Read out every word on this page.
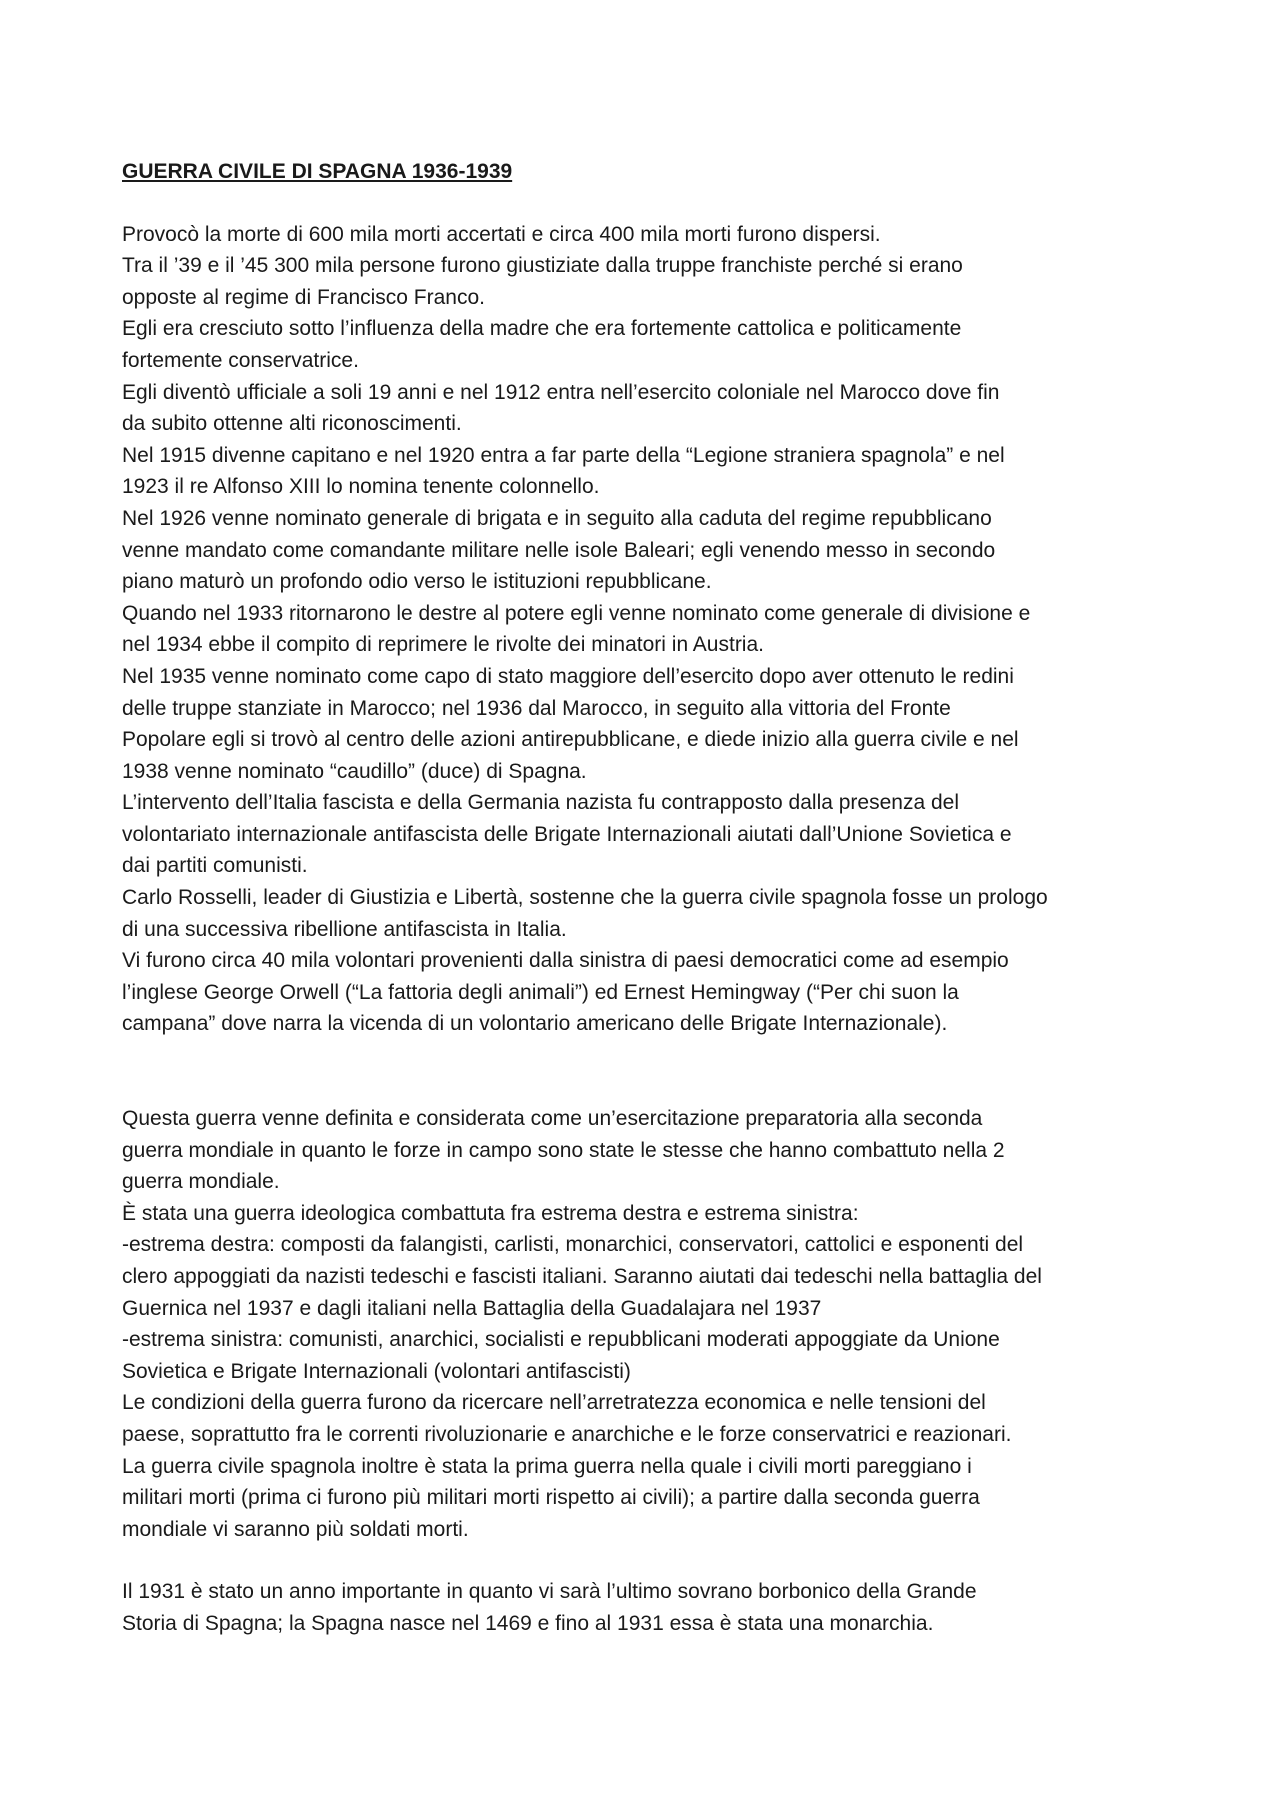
GUERRA CIVILE DI SPAGNA 1936-1939

Provocò la morte di 600 mila morti accertati e circa 400 mila morti furono dispersi.

Tra il ’39 e il ’45 300 mila persone furono giustiziate dalla truppe franchiste perché si erano
opposte al regime di Francisco Franco.

Egli era cresciuto sotto l’influenza della madre che era fortemente cattolica e politicamente
fortemente conservatrice.

Egli diventò ufficiale a soli 19 anni e nel 1912 entra nell’esercito coloniale nel Marocco dove fin
da subito ottenne alti riconoscimenti.

Nel 1915 divenne capitano e nel 1920 entra a far parte della “Legione straniera spagnola” e nel
1923 il re Alfonso XIII lo nomina tenente colonnello.

Nel 1926 venne nominato generale di brigata e in seguito alla caduta del regime repubblicano
venne mandato come comandante militare nelle isole Baleari; egli venendo messo in secondo
piano maturò un profondo odio verso le istituzioni repubblicane.

Quando nel 1933 ritornarono le destre al potere egli venne nominato come generale di divisione e
nel 1934 ebbe il compito di reprimere le rivolte dei minatori in Austria.

Nel 1935 venne nominato come capo di stato maggiore dell’esercito dopo aver ottenuto le redini
delle truppe stanziate in Marocco; nel 1936 dal Marocco, in seguito alla vittoria del Fronte
Popolare egli si trovò al centro delle azioni antirepubblicane, e diede inizio alla guerra civile e nel
1938 venne nominato “caudillo” (duce) di Spagna.

L’intervento dell’Italia fascista e della Germania nazista fu contrapposto dalla presenza del
volontariato internazionale antifascista delle Brigate Internazionali aiutati dall’Unione Sovietica e
dai partiti comunisti.

Carlo Rosselli, leader di Giustizia e Libertà, sostenne che la guerra civile spagnola fosse un prologo
di una successiva ribellione antifascista in Italia.

Vi furono circa 40 mila volontari provenienti dalla sinistra di paesi democratici come ad esempio
l’inglese George Orwell (“La fattoria degli animali”) ed Ernest Hemingway (“Per chi suon la
campana” dove narra la vicenda di un volontario americano delle Brigate Internazionale).

Questa guerra venne definita e considerata come un’esercitazione preparatoria alla seconda
guerra mondiale in quanto le forze in campo sono state le stesse che hanno combattuto nella 2
guerra mondiale.

È stata una guerra ideologica combattuta fra estrema destra e estrema sinistra:

-estrema destra: composti da falangisti, carlisti, monarchici, conservatori, cattolici e esponenti del
clero appoggiati da nazisti tedeschi e fascisti italiani. Saranno aiutati dai tedeschi nella battaglia del
Guernica nel 1937 e dagli italiani nella Battaglia della Guadalajara nel 1937

-estrema sinistra: comunisti, anarchici, socialisti e repubblicani moderati appoggiate da Unione
Sovietica e Brigate Internazionali (volontari antifascisti)

Le condizioni della guerra furono da ricercare nell’arretratezza economica e nelle tensioni del
paese, soprattutto fra le correnti rivoluzionarie e anarchiche e le forze conservatrici e reazionari.

La guerra civile spagnola inoltre è stata la prima guerra nella quale i civili morti pareggiano i
militari morti (prima ci furono più militari morti rispetto ai civili); a partire dalla seconda guerra
mondiale vi saranno più soldati morti.

Il 1931 è stato un anno importante in quanto vi sarà l’ultimo sovrano borbonico della Grande
Storia di Spagna; la Spagna nasce nel 1469 e fino al 1931 essa è stata una monarchia.
